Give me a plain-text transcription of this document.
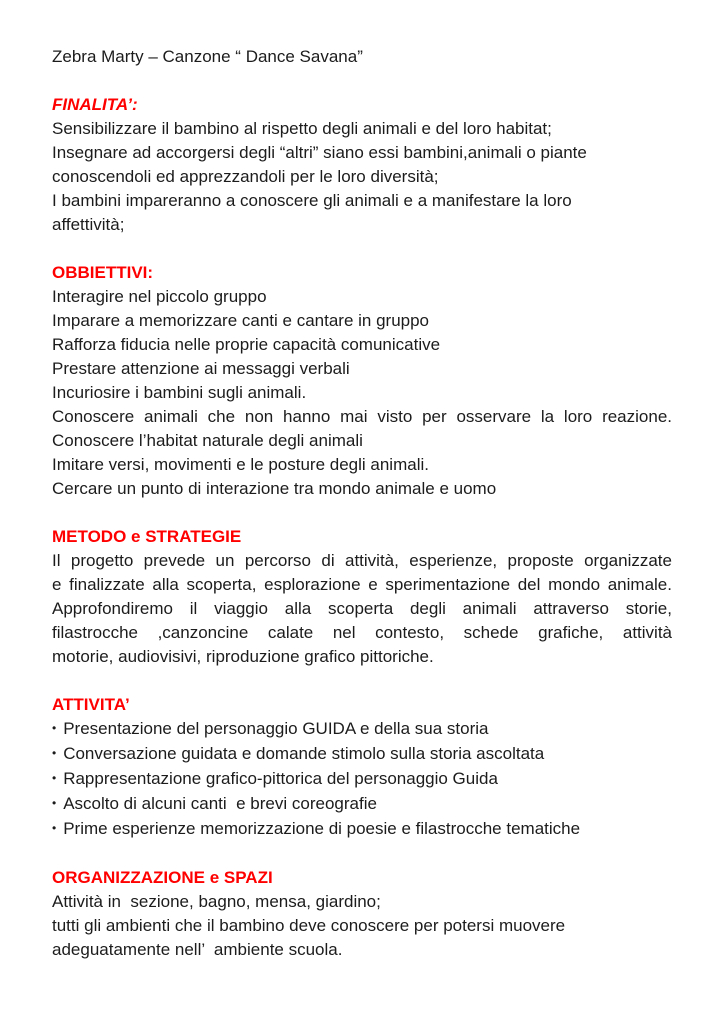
Zebra Marty – Canzone “ Dance Savana”
FINALITA’:
Sensibilizzare il bambino al rispetto degli animali e del loro habitat;
Insegnare ad accorgersi degli “altri” siano essi bambini,animali o piante
conoscendoli ed apprezzandoli per le loro diversità;
I bambini impareranno a conoscere gli animali e a manifestare la loro
affettività;
OBBIETTIVI:
Interagire nel piccolo gruppo
Imparare a memorizzare canti e cantare in gruppo
Rafforza fiducia nelle proprie capacità comunicative
Prestare attenzione ai messaggi verbali
Incuriosire i bambini sugli animali.
Conoscere animali che non hanno mai visto per osservare la loro reazione.
Conoscere l’habitat naturale degli animali
Imitare versi, movimenti e le posture degli animali.
Cercare un punto di interazione tra mondo animale e uomo
METODO e STRATEGIE
Il progetto prevede un percorso di attività, esperienze, proposte organizzate
e finalizzate alla scoperta, esplorazione e sperimentazione del mondo animale.
Approfondiremo il viaggio alla scoperta degli animali attraverso storie,
filastrocche ,canzoncine calate nel contesto, schede grafiche, attività
motorie, audiovisivi, riproduzione grafico pittoriche.
ATTIVITA’
• Presentazione del personaggio GUIDA e della sua storia
• Conversazione guidata e domande stimolo sulla storia ascoltata
• Rappresentazione grafico-pittorica del personaggio Guida
• Ascolto di alcuni canti  e brevi coreografie
• Prime esperienze memorizzazione di poesie e filastrocche tematiche
ORGANIZZAZIONE e SPAZI
Attività in  sezione, bagno, mensa, giardino;
tutti gli ambienti che il bambino deve conoscere per potersi muovere
adeguatamente nell’  ambiente scuola.
